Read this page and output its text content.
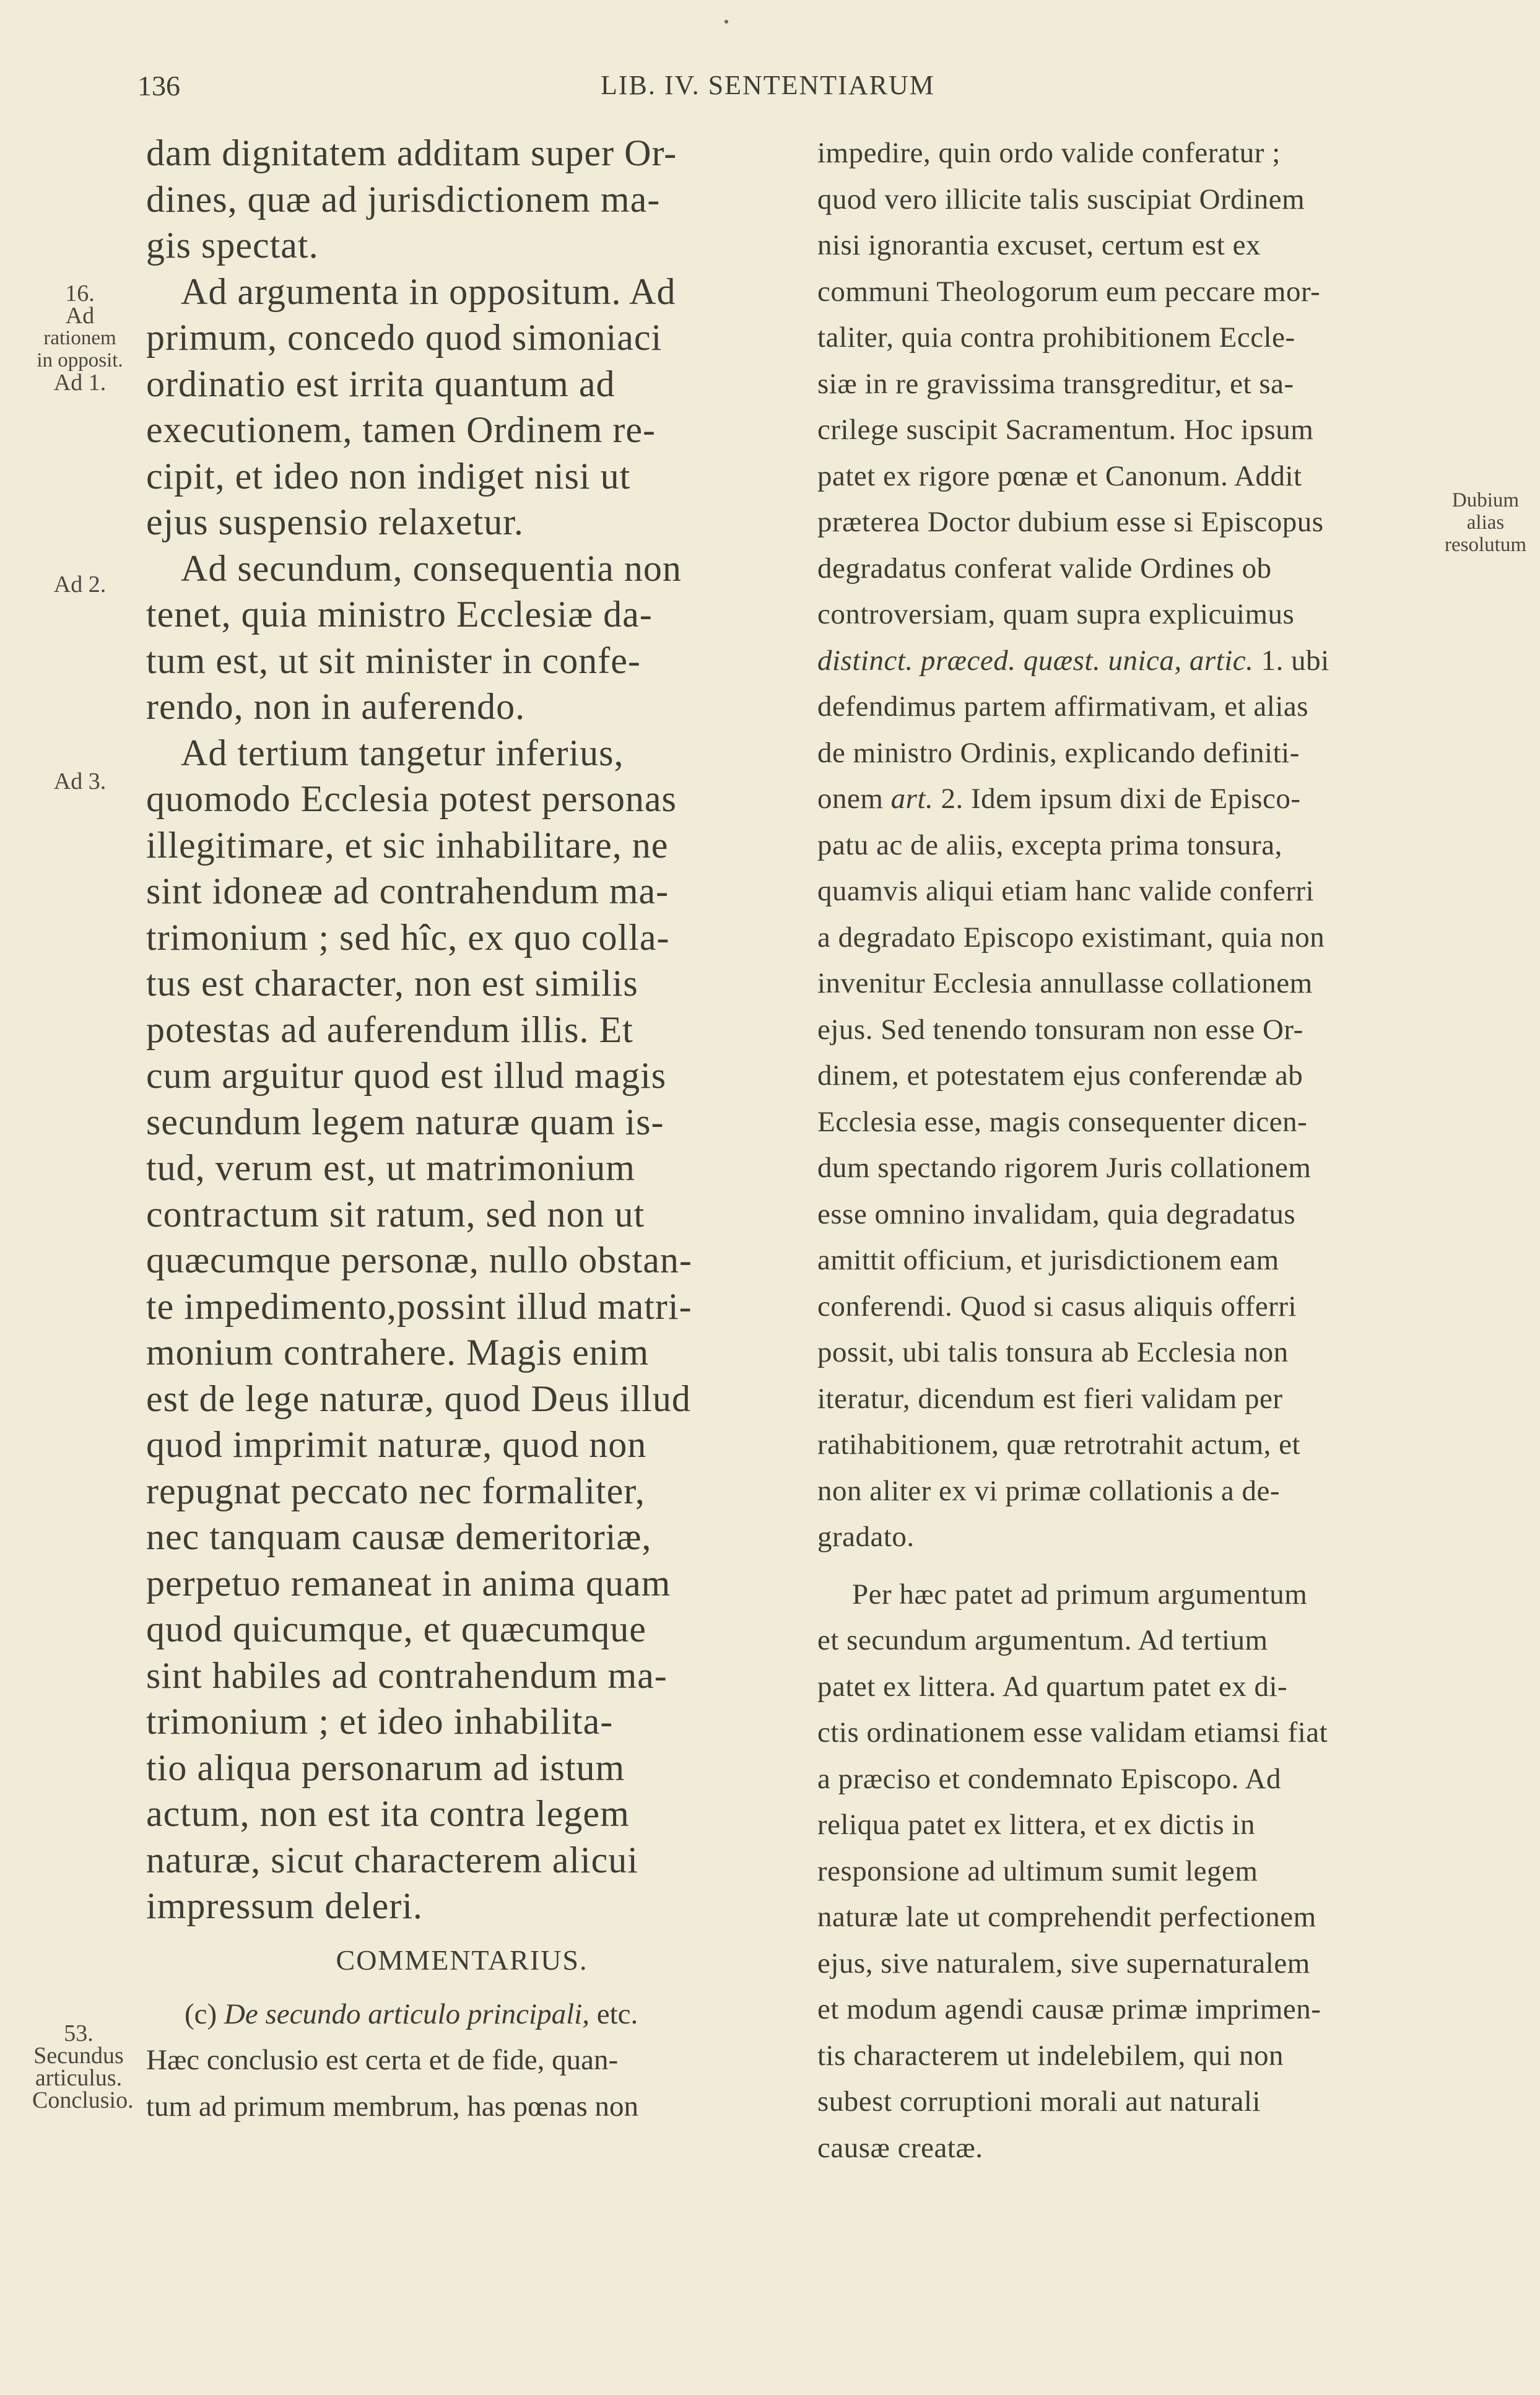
136	LIB. IV. SENTENTIARUM
dam dignitatem additam super Or-
dines, quæ ad jurisdictionem ma-
gis spectat.
Ad argumenta in oppositum. Ad
primum, concedo quod simoniaci
ordinatio est irrita quantum ad
executionem, tamen Ordinem re-
cipit, et ideo non indiget nisi ut
ejus suspensio relaxetur.
Ad secundum, consequentia non
tenet, quia ministro Ecclesiæ da-
tum est, ut sit minister in confe-
rendo, non in auferendo.
Ad tertium tangetur inferius,
quomodo Ecclesia potest personas
illegitimare, et sic inhabilitare, ne
sint idoneæ ad contrahendum ma-
trimonium ; sed hîc, ex quo colla-
tus est character, non est similis
potestas ad auferendum illis. Et
cum arguitur quod est illud magis
secundum legem naturæ quam is-
tud, verum est, ut matrimonium
contractum sit ratum, sed non ut
quæcumque personæ, nullo obstan-
te impedimento,possint illud matri-
monium contrahere. Magis enim
est de lege naturæ, quod Deus illud
quod imprimit naturæ, quod non
repugnat peccato nec formaliter,
nec tanquam causæ demeritoriæ,
perpetuo remaneat in anima quam
quod quicumque, et quæcumque
sint habiles ad contrahendum ma-
trimonium ; et ideo inhabilita-
tio aliqua personarum ad istum
actum, non est ita contra legem
naturæ, sicut characterem alicui
impressum deleri.
COMMENTARIUS.
(c) De secundo articulo principali, etc.
Hæc conclusio est certa et de fide, quan-
tum ad primum membrum, has pœnas non
impedire, quin ordo valide conferatur ;
quod vero illicite talis suscipiat Ordinem
nisi ignorantia excuset, certum est ex
communi Theologorum eum peccare mor-
taliter, quia contra prohibitionem Eccle-
siæ in re gravissima transgreditur, et sa-
crilege suscipit Sacramentum. Hoc ipsum
patet ex rigore pœnæ et Canonum. Addit
præterea Doctor dubium esse si Episcopus
degradatus conferat valide Ordines ob
controversiam, quam supra explicuimus
distinct. præced. quæst. unica, artic. 1. ubi
defendimus partem affirmativam, et alias
de ministro Ordinis, explicando definiti-
onem art. 2. Idem ipsum dixi de Episco-
patu ac de aliis, excepta prima tonsura,
quamvis aliqui etiam hanc valide conferri
a degradato Episcopo existimant, quia non
invenitur Ecclesia annullasse collationem
ejus. Sed tenendo tonsuram non esse Or-
dinem, et potestatem ejus conferendæ ab
Ecclesia esse, magis consequenter dicen-
dum spectando rigorem Juris collationem
esse omnino invalidam, quia degradatus
amittit officium, et jurisdictionem eam
conferendi. Quod si casus aliquis offerri
possit, ubi talis tonsura ab Ecclesia non
iteratur, dicendum est fieri validam per
ratihabitionem, quæ retrotrahit actum, et
non aliter ex vi primæ collationis a de-
gradato.
Per hæc patet ad primum argumentum
et secundum argumentum. Ad tertium
patet ex littera. Ad quartum patet ex di-
ctis ordinationem esse validam etiamsi fiat
a præciso et condemnato Episcopo. Ad
reliqua patet ex littera, et ex dictis in
responsione ad ultimum sumit legem
naturæ late ut comprehendit perfectionem
ejus, sive naturalem, sive supernaturalem
et modum agendi causæ primæ imprimen-
tis characterem ut indelebilem, qui non
subest corruptioni morali aut naturali
causæ creatæ.
16.
Ad
rationem
in opposit.
Ad 1.
Ad 2.
Ad 3.
53.
Secundus
articulus.
Conclusio.
Dubium
alias
resolutum
